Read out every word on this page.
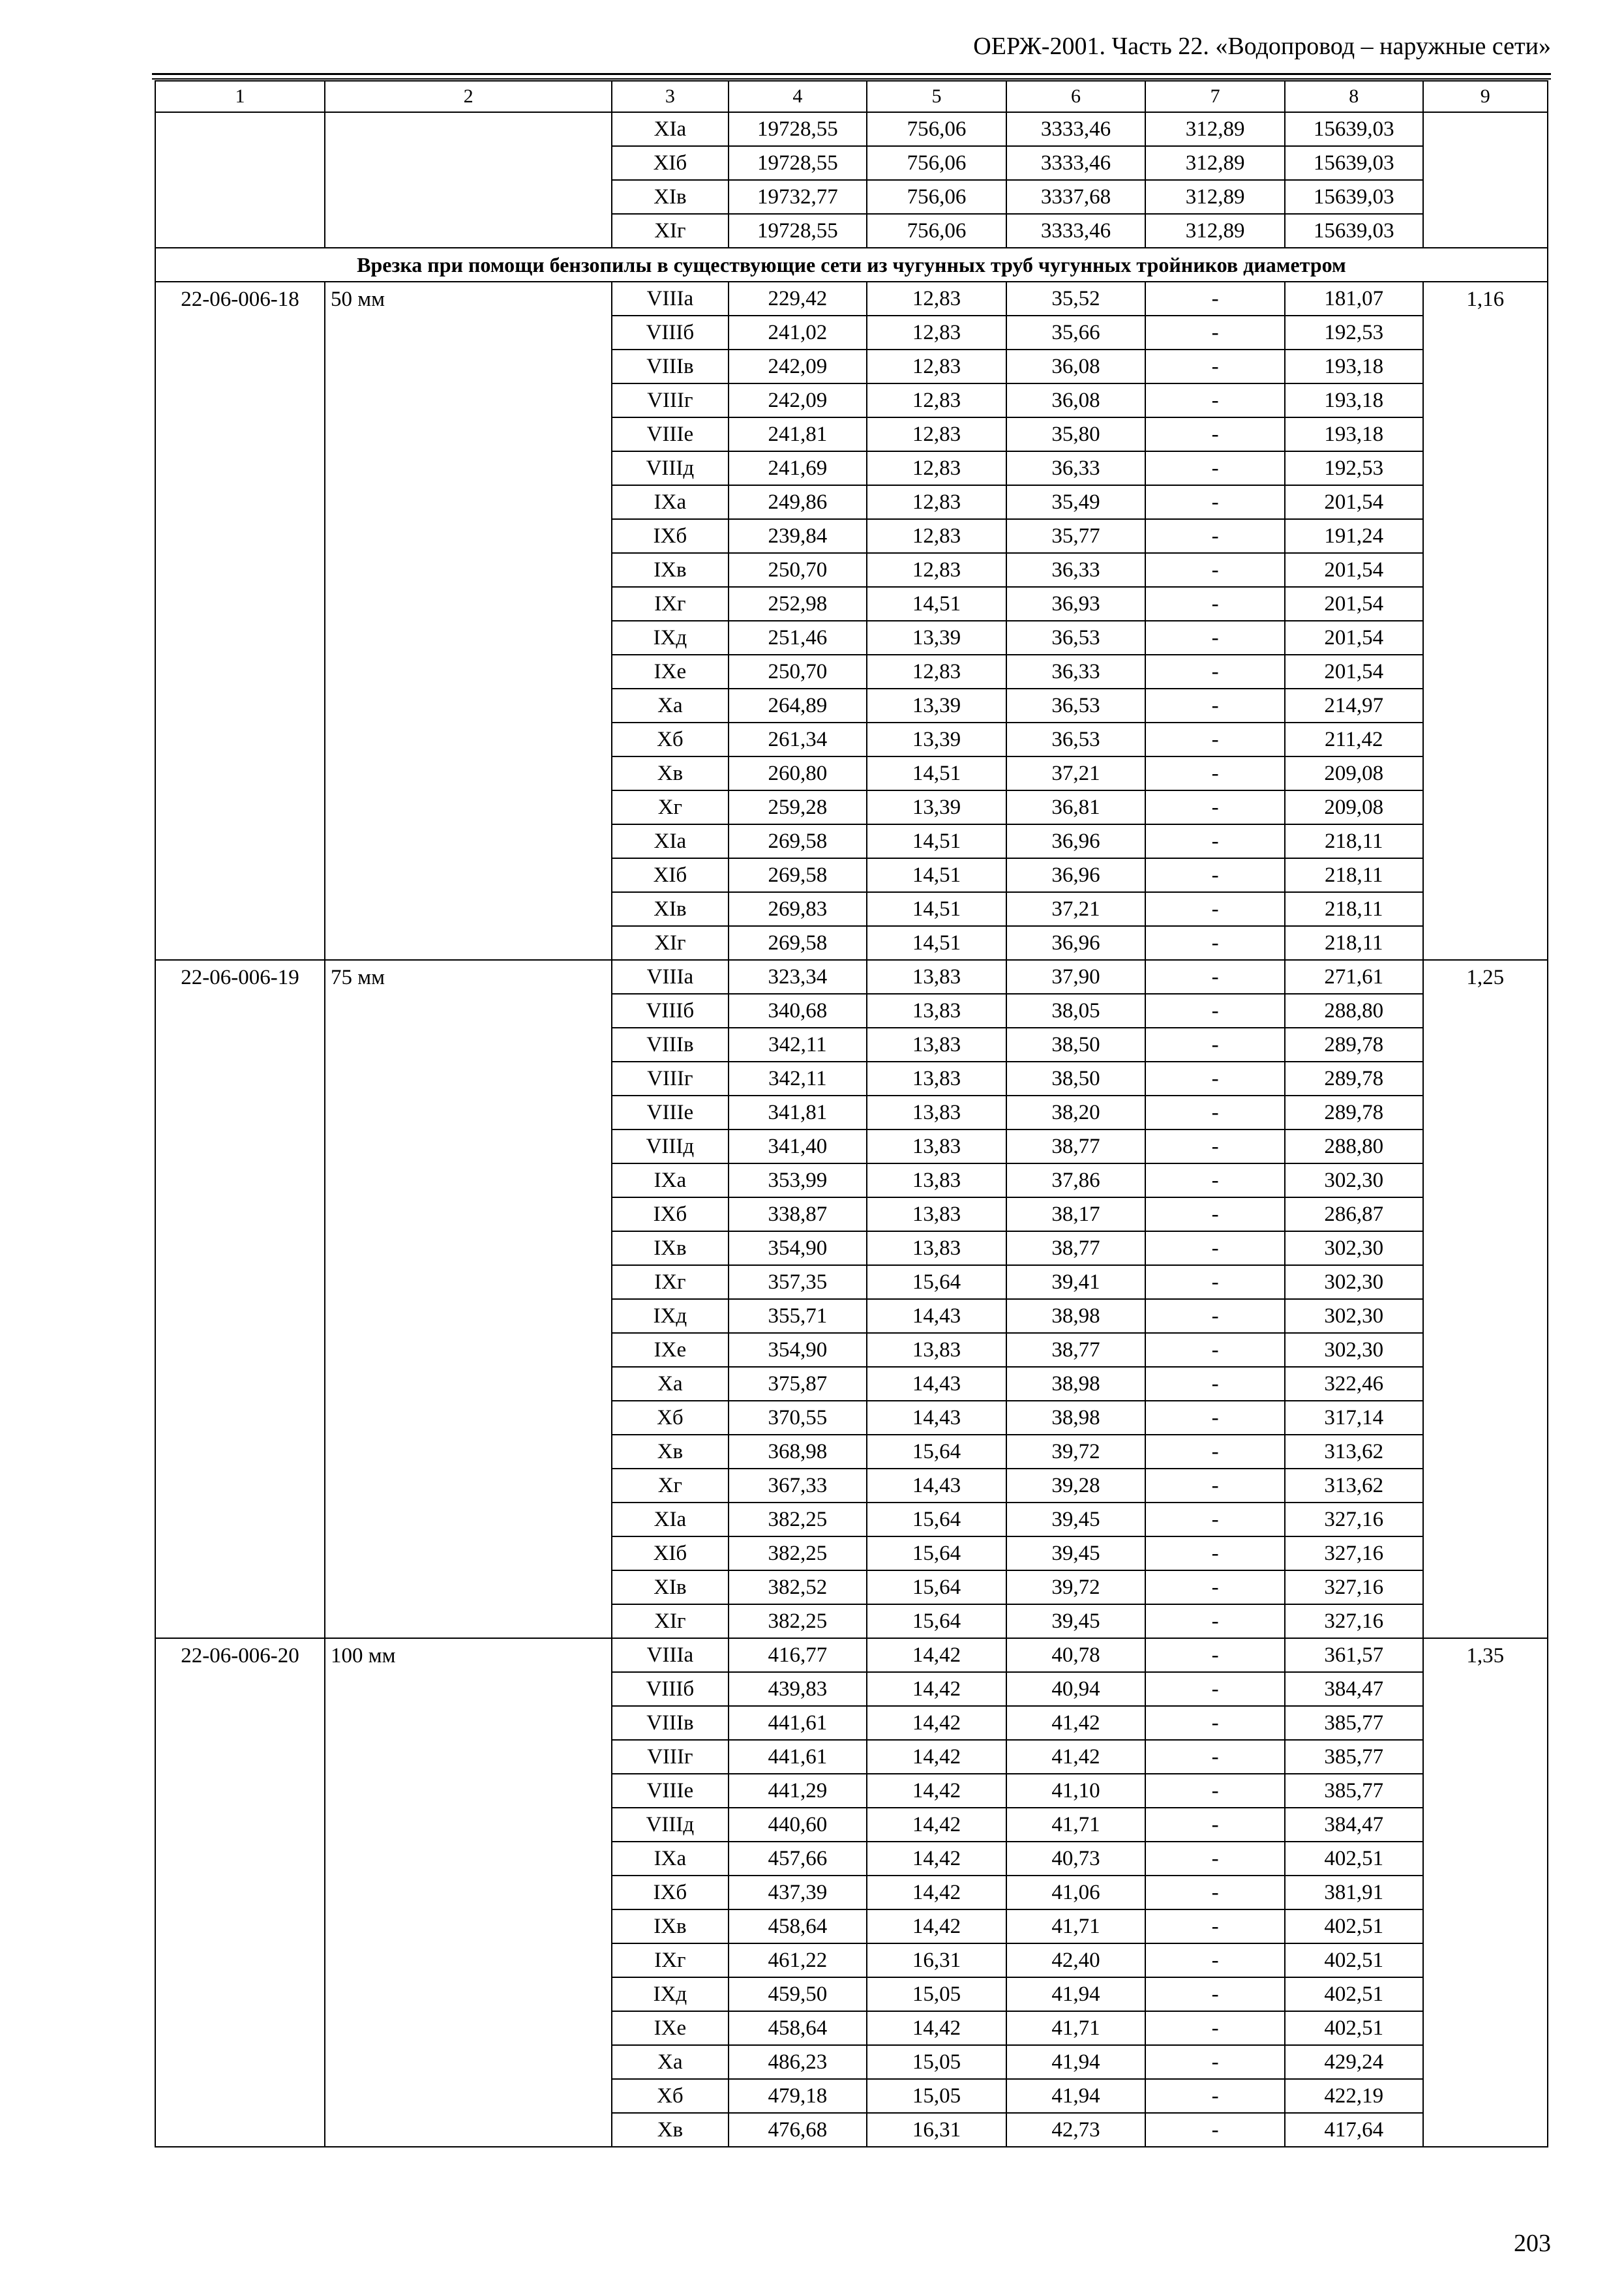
ОЕРЖ-2001. Часть 22. «Водопровод – наружные сети»
1	2	3	4	5	6	7	8	9
		XIa	19728,55	756,06	3333,46	312,89	15639,03	
		XIб	19728,55	756,06	3333,46	312,89	15639,03	
		XIв	19732,77	756,06	3337,68	312,89	15639,03	
		XIг	19728,55	756,06	3333,46	312,89	15639,03	
Врезка при помощи бензопилы в существующие сети из чугунных труб чугунных тройников диаметром								
22-06-006-18	50 мм	VIIIa	229,42	12,83	35,52	-	181,07	1,16
		VIIIб	241,02	12,83	35,66	-	192,53	
		VIIIв	242,09	12,83	36,08	-	193,18	
		VIIIг	242,09	12,83	36,08	-	193,18	
		VIIIe	241,81	12,83	35,80	-	193,18	
		VIIIд	241,69	12,83	36,33	-	192,53	
		IXa	249,86	12,83	35,49	-	201,54	
		IXб	239,84	12,83	35,77	-	191,24	
		IXв	250,70	12,83	36,33	-	201,54	
		IXг	252,98	14,51	36,93	-	201,54	
		IXд	251,46	13,39	36,53	-	201,54	
		IXe	250,70	12,83	36,33	-	201,54	
		Xa	264,89	13,39	36,53	-	214,97	
		Xб	261,34	13,39	36,53	-	211,42	
		Xв	260,80	14,51	37,21	-	209,08	
		Xг	259,28	13,39	36,81	-	209,08	
		XIa	269,58	14,51	36,96	-	218,11	
		XIб	269,58	14,51	36,96	-	218,11	
		XIв	269,83	14,51	37,21	-	218,11	
		XIг	269,58	14,51	36,96	-	218,11	
22-06-006-19	75 мм	VIIIa	323,34	13,83	37,90	-	271,61	1,25
		VIIIб	340,68	13,83	38,05	-	288,80	
		VIIIв	342,11	13,83	38,50	-	289,78	
		VIIIг	342,11	13,83	38,50	-	289,78	
		VIIIe	341,81	13,83	38,20	-	289,78	
		VIIIд	341,40	13,83	38,77	-	288,80	
		IXa	353,99	13,83	37,86	-	302,30	
		IXб	338,87	13,83	38,17	-	286,87	
		IXв	354,90	13,83	38,77	-	302,30	
		IXг	357,35	15,64	39,41	-	302,30	
		IXд	355,71	14,43	38,98	-	302,30	
		IXe	354,90	13,83	38,77	-	302,30	
		Xa	375,87	14,43	38,98	-	322,46	
		Xб	370,55	14,43	38,98	-	317,14	
		Xв	368,98	15,64	39,72	-	313,62	
		Xг	367,33	14,43	39,28	-	313,62	
		XIa	382,25	15,64	39,45	-	327,16	
		XIб	382,25	15,64	39,45	-	327,16	
		XIв	382,52	15,64	39,72	-	327,16	
		XIг	382,25	15,64	39,45	-	327,16	
22-06-006-20	100 мм	VIIIa	416,77	14,42	40,78	-	361,57	1,35
		VIIIб	439,83	14,42	40,94	-	384,47	
		VIIIв	441,61	14,42	41,42	-	385,77	
		VIIIг	441,61	14,42	41,42	-	385,77	
		VIIIe	441,29	14,42	41,10	-	385,77	
		VIIIд	440,60	14,42	41,71	-	384,47	
		IXa	457,66	14,42	40,73	-	402,51	
		IXб	437,39	14,42	41,06	-	381,91	
		IXв	458,64	14,42	41,71	-	402,51	
		IXг	461,22	16,31	42,40	-	402,51	
		IXд	459,50	15,05	41,94	-	402,51	
		IXe	458,64	14,42	41,71	-	402,51	
		Xa	486,23	15,05	41,94	-	429,24	
		Xб	479,18	15,05	41,94	-	422,19	
		Xв	476,68	16,31	42,73	-	417,64	
203
